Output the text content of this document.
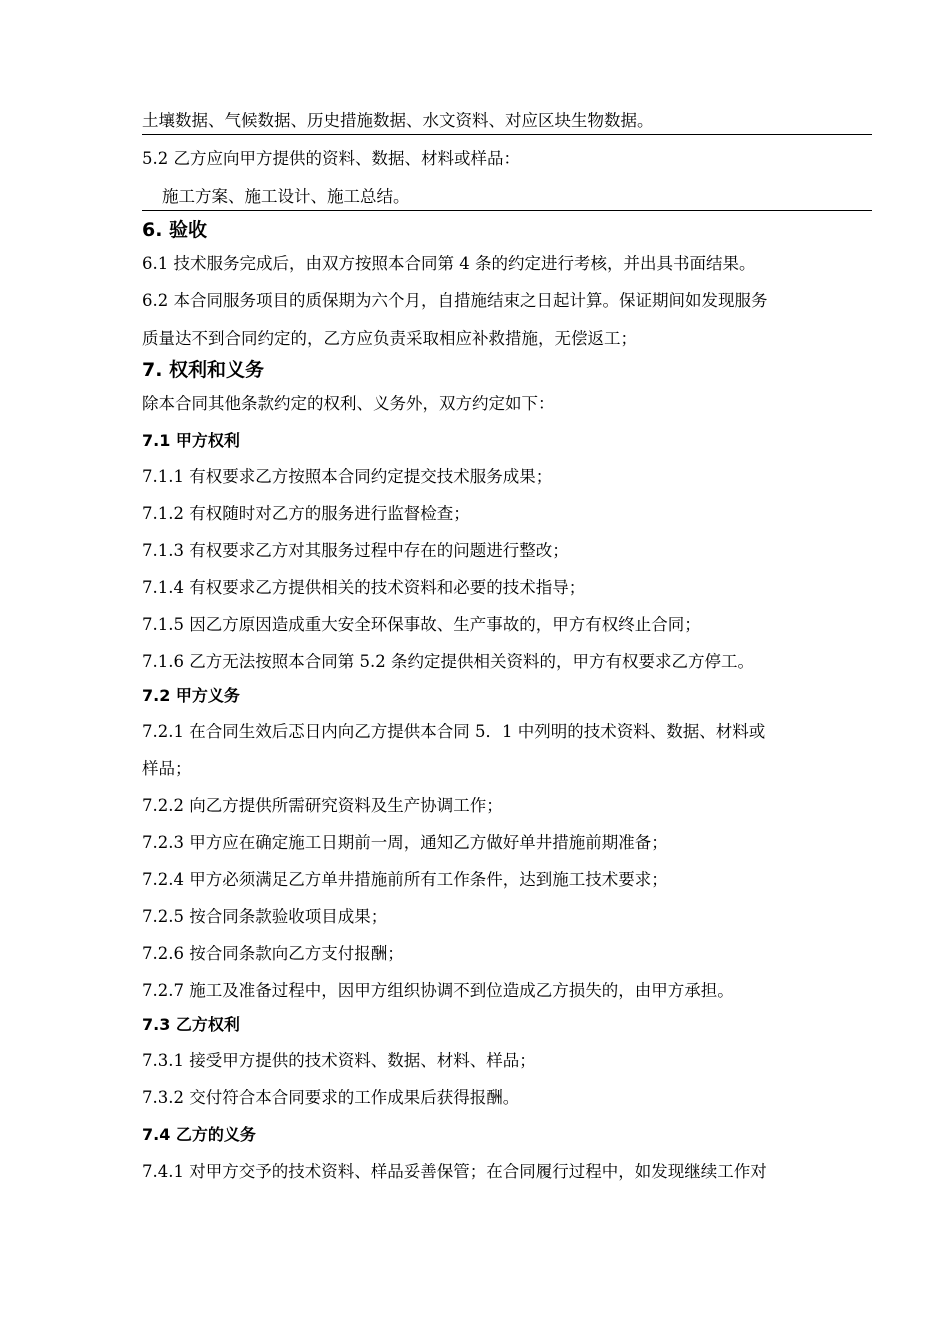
土壤数据、气候数据、历史措施数据、水文资料、对应区块生物数据。
5.2 乙方应向甲方提供的资料、数据、材料或样品：
施工方案、施工设计、施工总结。
6. 验收
6.1 技术服务完成后，由双方按照本合同第 4 条的约定进行考核，并出具书面结果。
6.2 本合同服务项目的质保期为六个月，自措施结束之日起计算。保证期间如发现服务
质量达不到合同约定的，乙方应负责采取相应补救措施，无偿返工；
7. 权利和义务
除本合同其他条款约定的权利、义务外，双方约定如下：
7.1 甲方权利
7.1.1 有权要求乙方按照本合同约定提交技术服务成果；
7.1.2 有权随时对乙方的服务进行监督检查；
7.1.3 有权要求乙方对其服务过程中存在的问题进行整改；
7.1.4 有权要求乙方提供相关的技术资料和必要的技术指导；
7.1.5 因乙方原因造成重大安全环保事故、生产事故的，甲方有权终止合同；
7.1.6 乙方无法按照本合同第 5.2 条约定提供相关资料的，甲方有权要求乙方停工。
7.2 甲方义务
7.2.1 在合同生效后忑日内向乙方提供本合同 5．1 中列明的技术资料、数据、材料或
样品；
7.2.2 向乙方提供所需研究资料及生产协调工作；
7.2.3 甲方应在确定施工日期前一周，通知乙方做好单井措施前期准备；
7.2.4 甲方必须满足乙方单井措施前所有工作条件，达到施工技术要求；
7.2.5 按合同条款验收项目成果；
7.2.6 按合同条款向乙方支付报酬；
7.2.7 施工及准备过程中，因甲方组织协调不到位造成乙方损失的，由甲方承担。
7.3 乙方权利
7.3.1 接受甲方提供的技术资料、数据、材料、样品；
7.3.2 交付符合本合同要求的工作成果后获得报酬。
7.4 乙方的义务
7.4.1 对甲方交予的技术资料、样品妥善保管；在合同履行过程中，如发现继续工作对
